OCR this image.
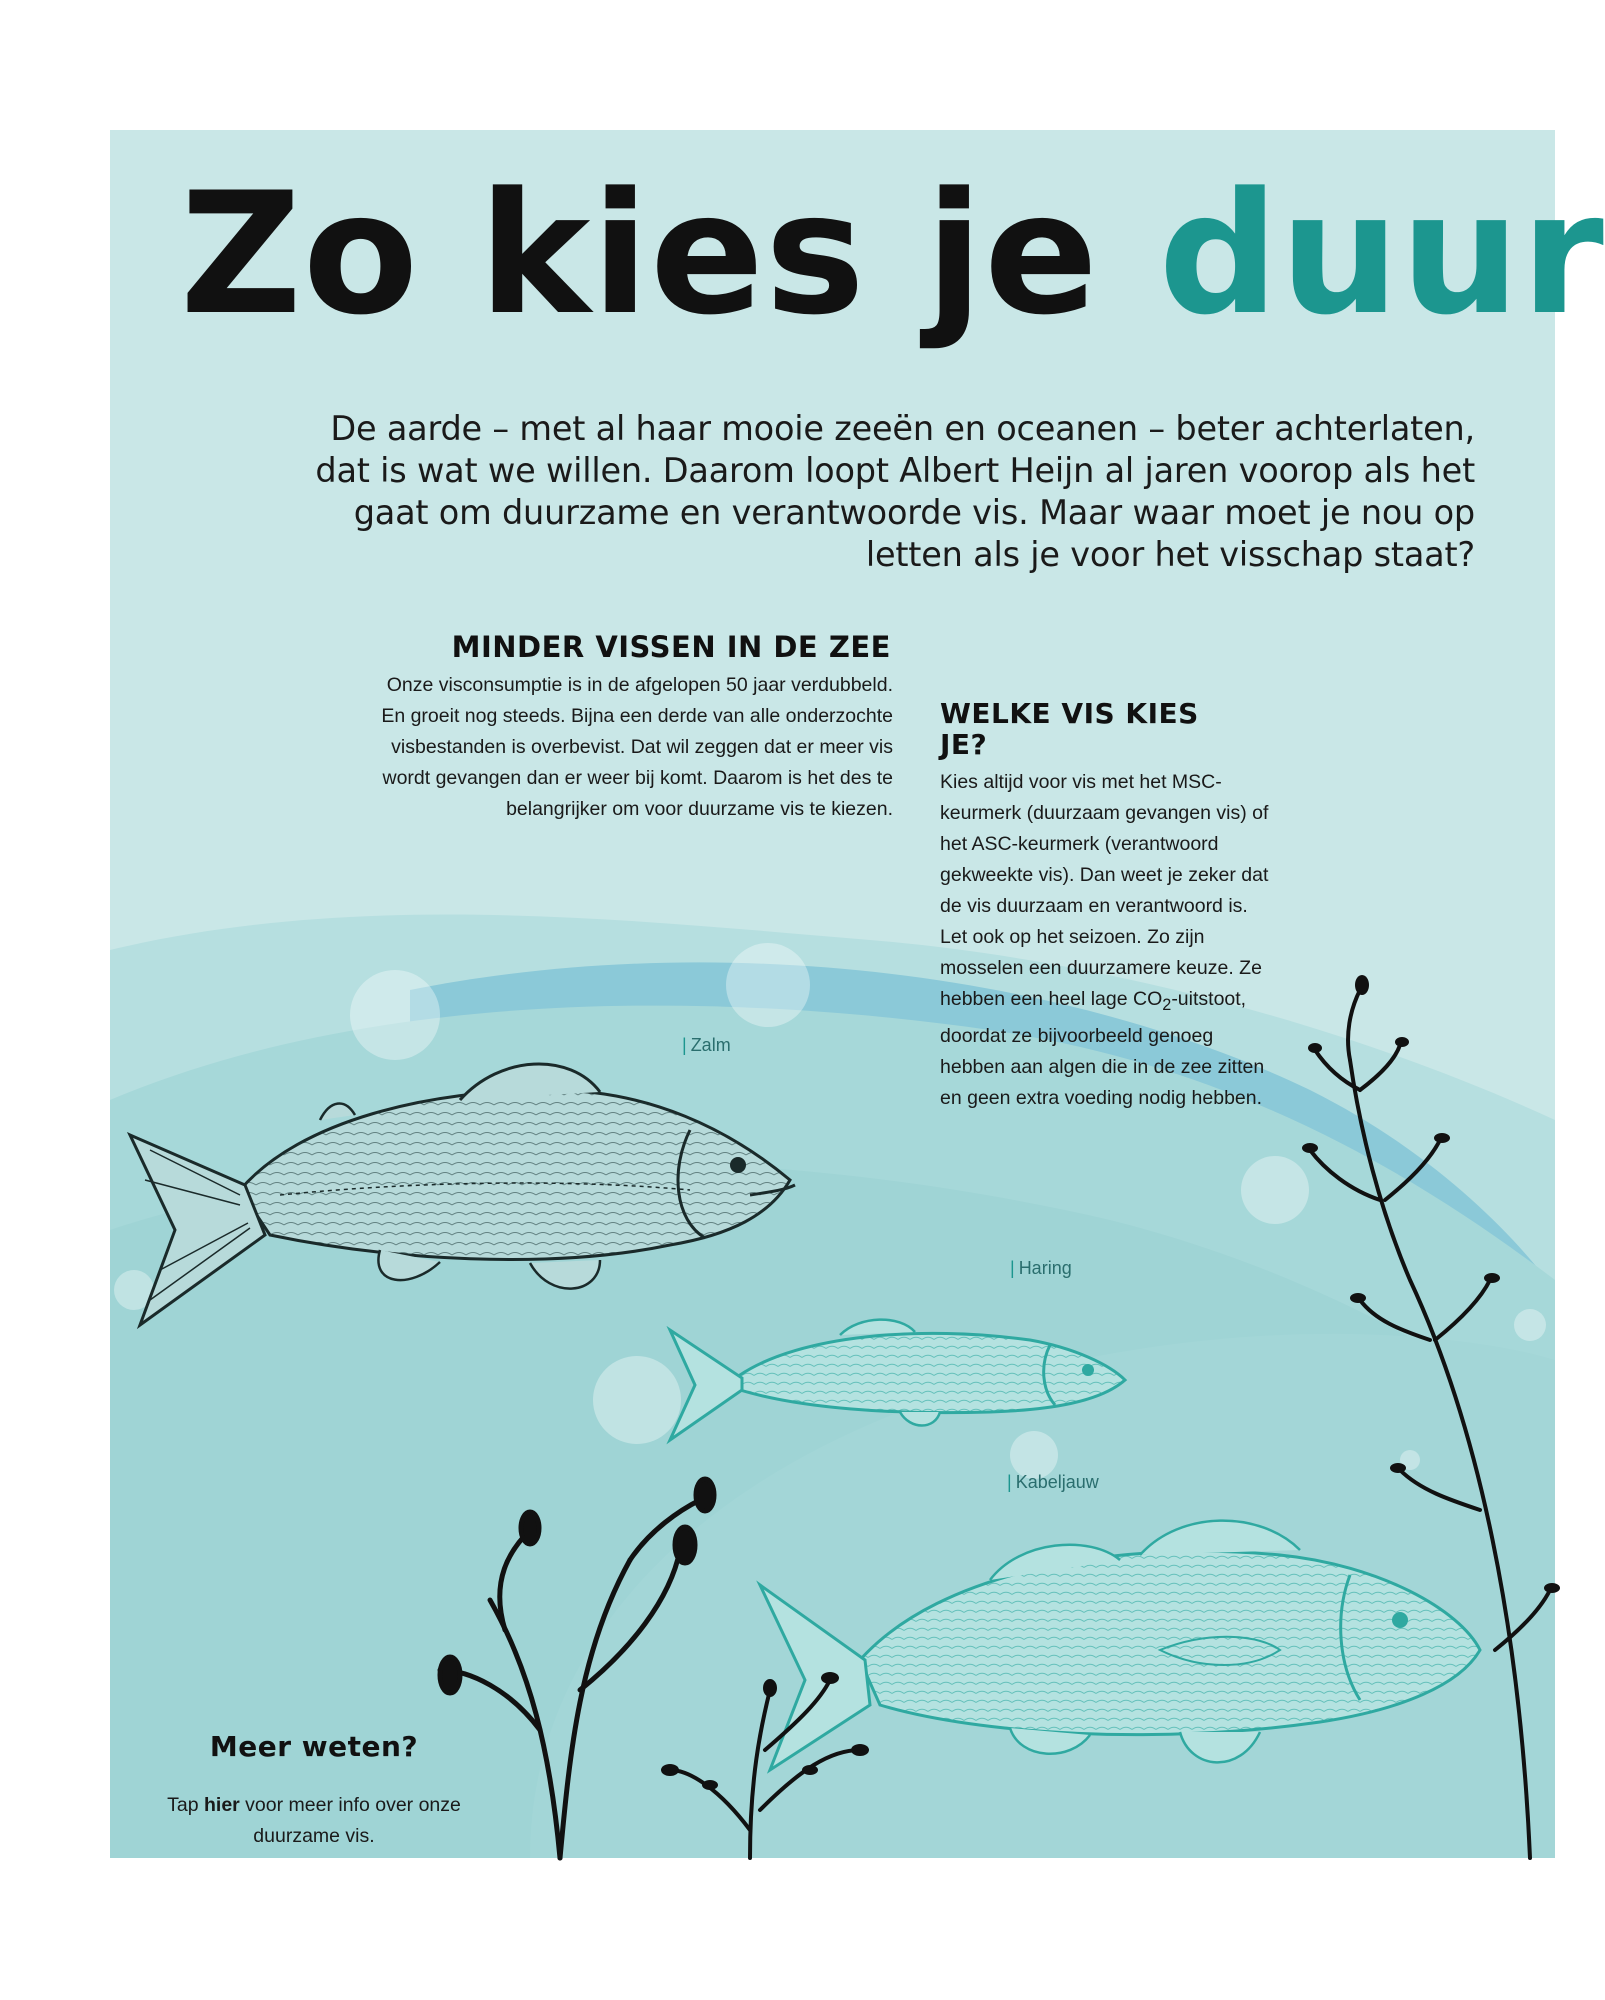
Zo kies je duur

De aarde – met al haar mooie zeeën en oceanen – beter achterlaten, dat is wat we willen. Daarom loopt Albert Heijn al jaren voorop als het gaat om duurzame en verantwoorde vis. Maar waar moet je nou op letten als je voor het visschap staat?

MINDER VISSEN IN DE ZEE

Onze visconsumptie is in de afgelopen 50 jaar verdubbeld. En groeit nog steeds. Bijna een derde van alle onderzochte visbestanden is overbevist. Dat wil zeggen dat er meer vis wordt gevangen dan er weer bij komt. Daarom is het des te belangrijker om voor duurzame vis te kiezen.

WELKE VIS KIES JE?

Kies altijd voor vis met het MSC-keurmerk (duurzaam gevangen vis) of het ASC-keurmerk (verantwoord gekweekte vis). Dan weet je zeker dat de vis duurzaam en verantwoord is. Let ook op het seizoen. Zo zijn mosselen een duurzamere keuze. Ze hebben een heel lage $CO_2$-uitstoot, doordat ze bijvoorbeeld genoeg hebben aan algen die in de zee zitten en geen extra voeding nodig hebben.

| Zalm
| Haring
| Kabeljauw
Meer weten?

Tap hier voor meer info over onze duurzame vis.
